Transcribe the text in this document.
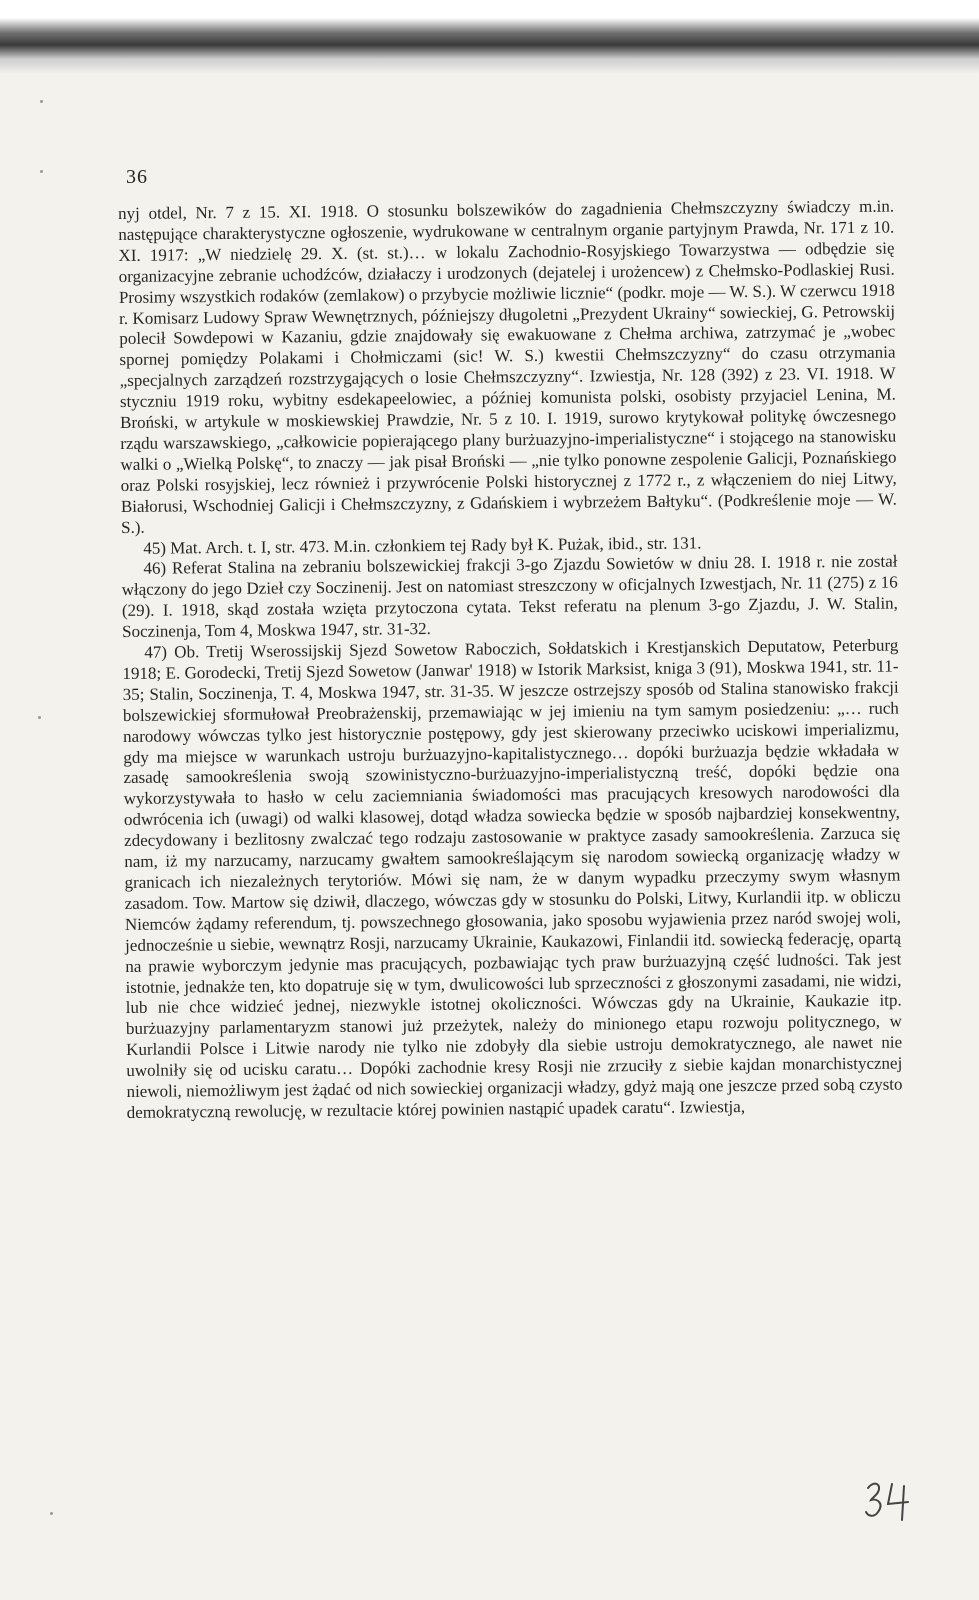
36

nyj otdel, Nr. 7 z 15. XI. 1918. O stosunku bolszewików do zagadnienia Chełmszczyzny świadczy m.in. następujące charakterystyczne ogłoszenie, wydrukowane w centralnym organie partyjnym Prawda, Nr. 171 z 10. XI. 1917: „W niedzielę 29. X. (st. st.)… w lokalu Zachodnio-Rosyjskiego Towarzystwa — odbędzie się organizacyjne zebranie uchodźców, działaczy i urodzonych (dejatelej i urożencew) z Chełmsko-Podlaskiej Rusi. Prosimy wszystkich rodaków (zemlakow) o przybycie możliwie licznie“ (podkr. moje — W. S.). W czerwcu 1918 r. Komisarz Ludowy Spraw Wewnętrznych, późniejszy długoletni „Prezydent Ukrainy“ sowieckiej, G. Petrowskij polecił Sowdepowi w Kazaniu, gdzie znajdowały się ewakuowane z Chełma archiwa, zatrzymać je „wobec spornej pomiędzy Polakami i Chołmiczami (sic! W. S.) kwestii Chełmszczyzny“ do czasu otrzymania „specjalnych zarządzeń rozstrzygających o losie Chełmszczyzny“. Izwiestja, Nr. 128 (392) z 23. VI. 1918. W styczniu 1919 roku, wybitny esdekapeelowiec, a później komunista polski, osobisty przyjaciel Lenina, M. Broński, w artykule w moskiewskiej Prawdzie, Nr. 5 z 10. I. 1919, surowo krytykował politykę ówczesnego rządu warszawskiego, „całkowicie popierającego plany burżuazyjno-imperialistyczne“ i stojącego na stanowisku walki o „Wielką Polskę“, to znaczy — jak pisał Broński — „nie tylko ponowne zespolenie Galicji, Poznańskiego oraz Polski rosyjskiej, lecz również i przywrócenie Polski historycznej z 1772 r., z włączeniem do niej Litwy, Białorusi, Wschodniej Galicji i Chełmszczyzny, z Gdańskiem i wybrzeżem Bałtyku“. (Podkreślenie moje — W. S.).

45) Mat. Arch. t. I, str. 473. M.in. członkiem tej Rady był K. Pużak, ibid., str. 131.

46) Referat Stalina na zebraniu bolszewickiej frakcji 3-go Zjazdu Sowietów w dniu 28. I. 1918 r. nie został włączony do jego Dzieł czy Soczinenij. Jest on natomiast streszczony w oficjalnych Izwestjach, Nr. 11 (275) z 16 (29). I. 1918, skąd została wzięta przytoczona cytata. Tekst referatu na plenum 3-go Zjazdu, J. W. Stalin, Soczinenja, Tom 4, Moskwa 1947, str. 31-32.

47) Ob. Tretij Wserossijskij Sjezd Sowetow Raboczich, Sołdatskich i Krestjanskich Deputatow, Peterburg 1918; E. Gorodecki, Tretij Sjezd Sowetow (Janwar' 1918) w Istorik Marksist, kniga 3 (91), Moskwa 1941, str. 11-35; Stalin, Soczinenja, T. 4, Moskwa 1947, str. 31-35. W jeszcze ostrzejszy sposób od Stalina stanowisko frakcji bolszewickiej sformułował Preobrażenskij, przemawiając w jej imieniu na tym samym posiedzeniu: „… ruch narodowy wówczas tylko jest historycznie postępowy, gdy jest skierowany przeciwko uciskowi imperializmu, gdy ma miejsce w warunkach ustroju burżuazyjno-kapitalistycznego… dopóki burżuazja będzie wkładała w zasadę samookreślenia swoją szowinistyczno-burżuazyjno-imperialistyczną treść, dopóki będzie ona wykorzystywała to hasło w celu zaciemniania świadomości mas pracujących kresowych narodowości dla odwrócenia ich (uwagi) od walki klasowej, dotąd władza sowiecka będzie w sposób najbardziej konsekwentny, zdecydowany i bezlitosny zwalczać tego rodzaju zastosowanie w praktyce zasady samookreślenia. Zarzuca się nam, iż my narzucamy, narzucamy gwałtem samookreślającym się narodom sowiecką organizację władzy w granicach ich niezależnych terytoriów. Mówi się nam, że w danym wypadku przeczymy swym własnym zasadom. Tow. Martow się dziwił, dlaczego, wówczas gdy w stosunku do Polski, Litwy, Kurlandii itp. w obliczu Niemców żądamy referendum, tj. powszechnego głosowania, jako sposobu wyjawienia przez naród swojej woli, jednocześnie u siebie, wewnątrz Rosji, narzucamy Ukrainie, Kaukazowi, Finlandii itd. sowiecką federację, opartą na prawie wyborczym jedynie mas pracujących, pozbawiając tych praw burżuazyjną część ludności. Tak jest istotnie, jednakże ten, kto dopatruje się w tym, dwulicowości lub sprzeczności z głoszonymi zasadami, nie widzi, lub nie chce widzieć jednej, niezwykle istotnej okoliczności. Wówczas gdy na Ukrainie, Kaukazie itp. burżuazyjny parlamentaryzm stanowi już przeżytek, należy do minionego etapu rozwoju politycznego, w Kurlandii Polsce i Litwie narody nie tylko nie zdobyły dla siebie ustroju demokratycznego, ale nawet nie uwolniły się od ucisku caratu… Dopóki zachodnie kresy Rosji nie zrzuciły z siebie kajdan monarchistycznej niewoli, niemożliwym jest żądać od nich sowieckiej organizacji władzy, gdyż mają one jeszcze przed sobą czysto demokratyczną rewolucję, w rezultacie której powinien nastąpić upadek caratu“. Izwiestja,
